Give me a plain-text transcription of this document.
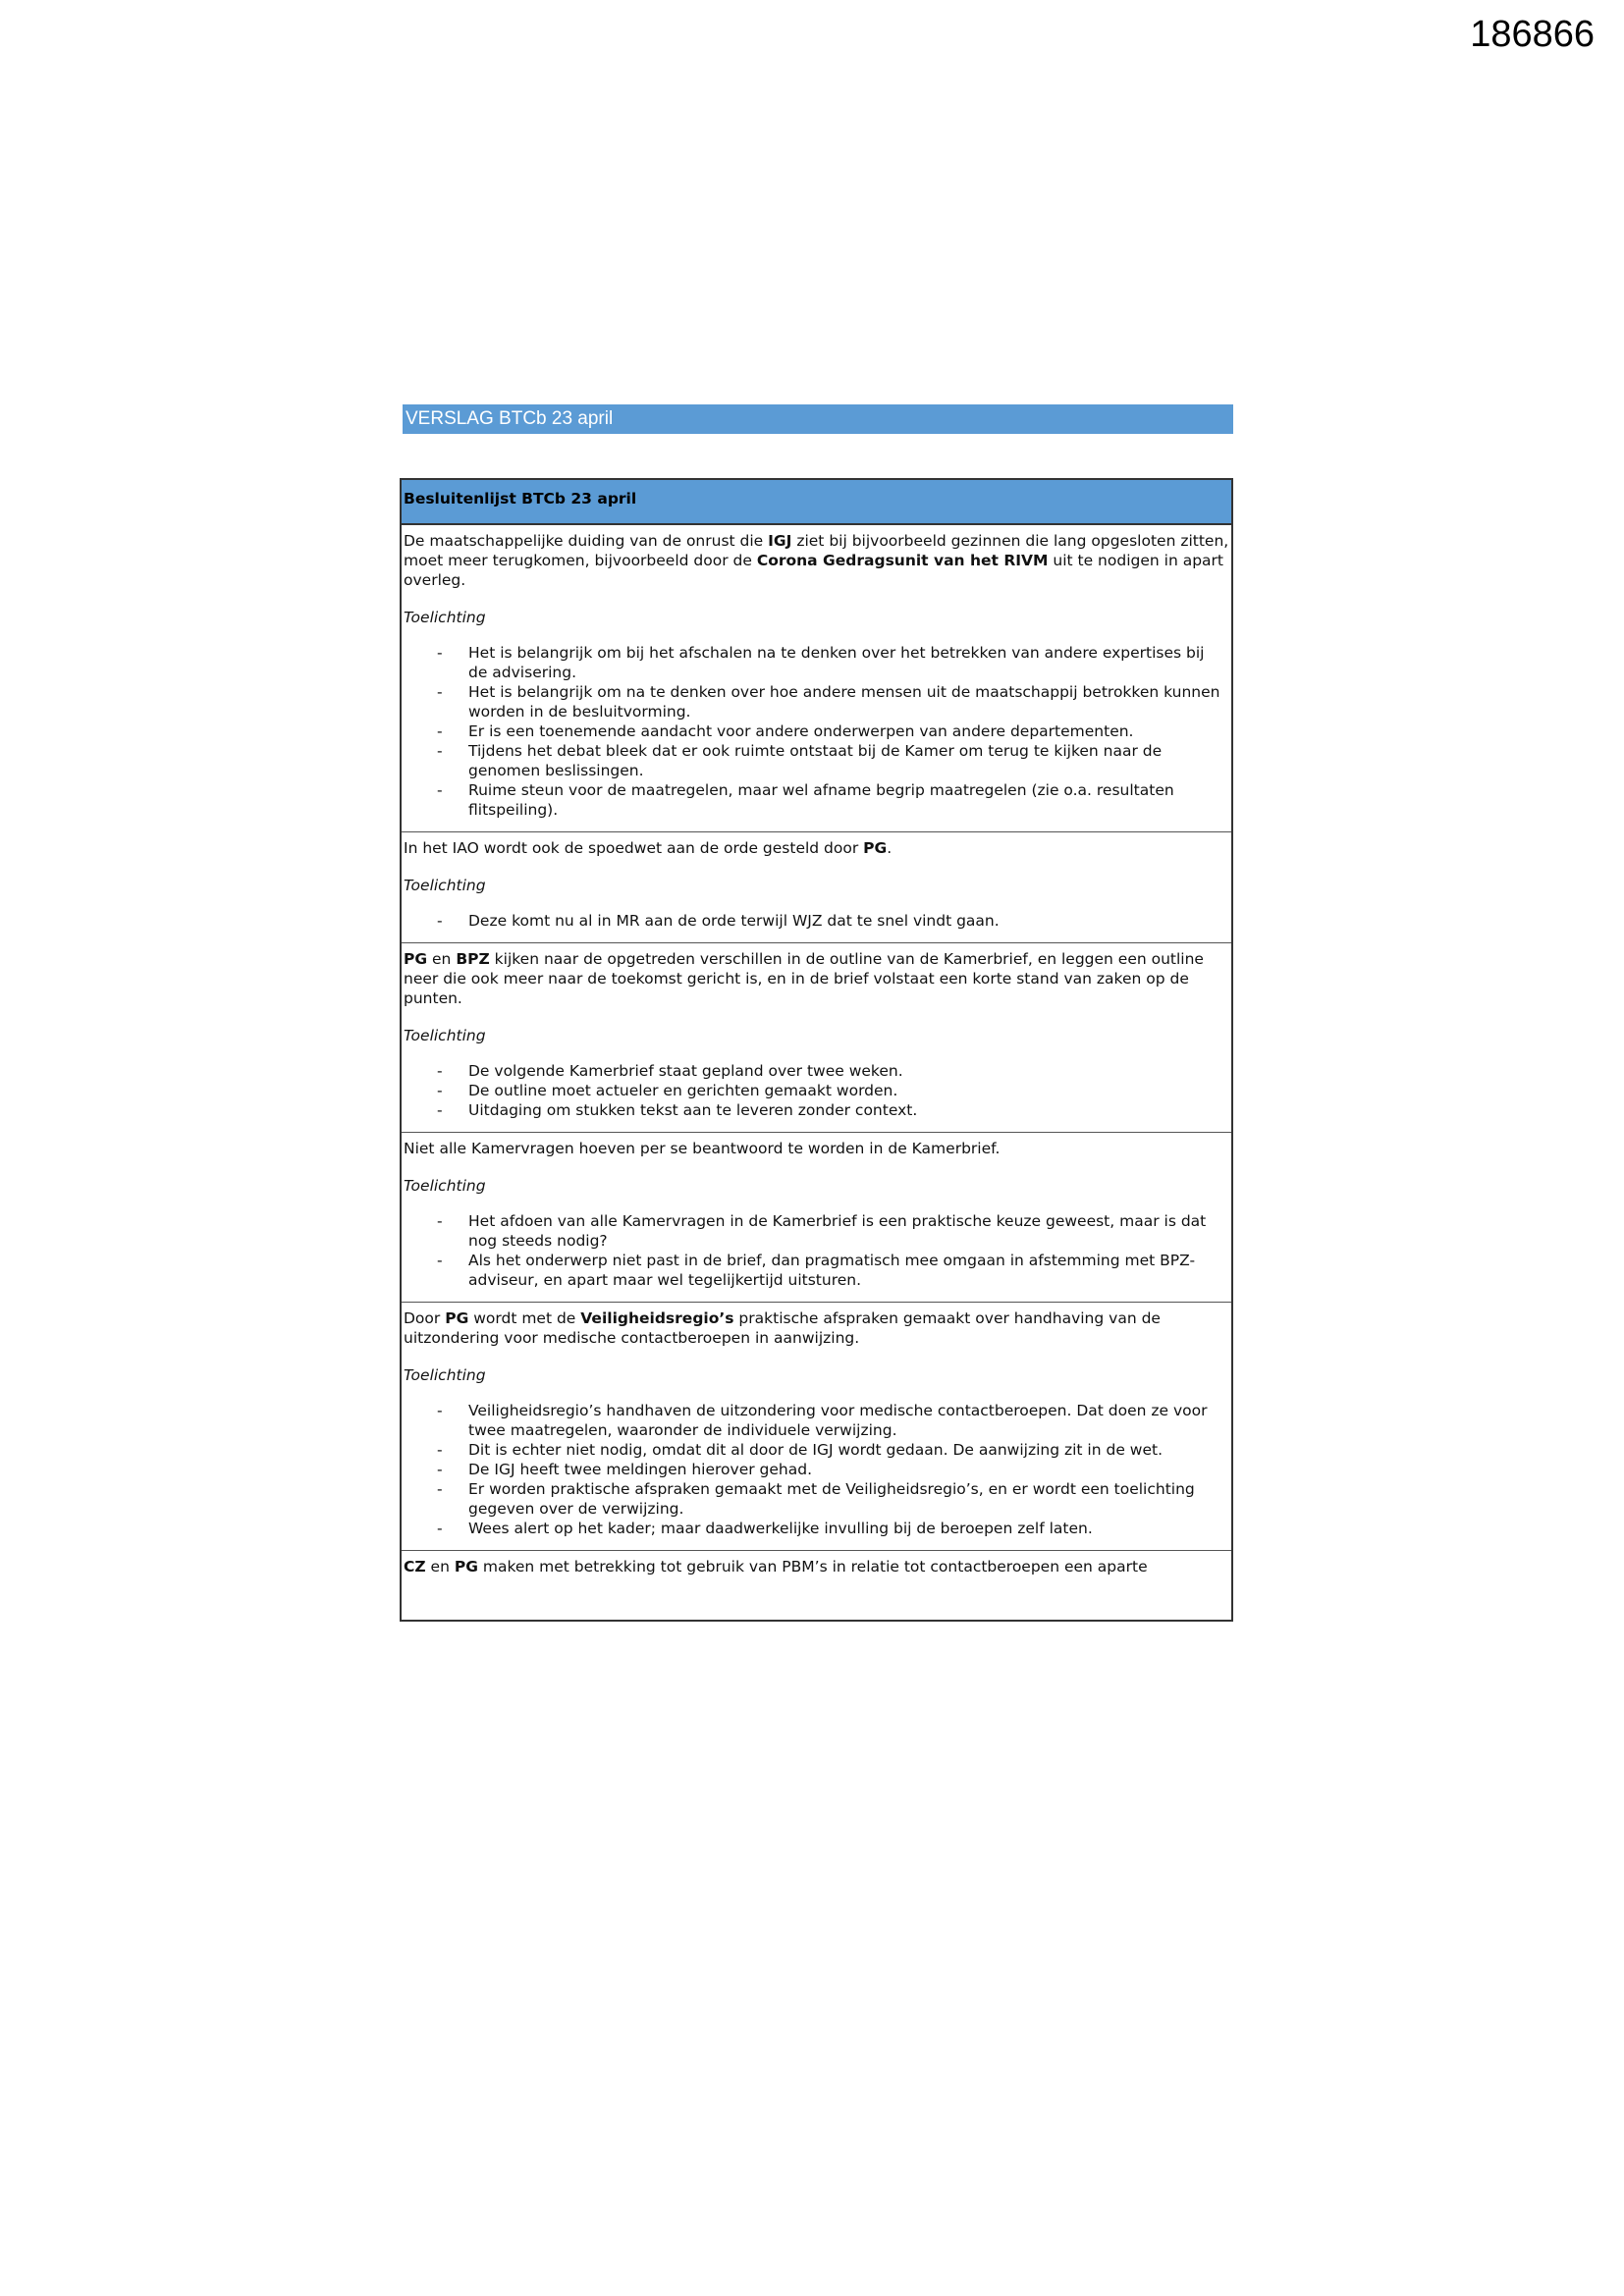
186866
VERSLAG BTCb 23 april
Besluitenlijst BTCb 23 april

De maatschappelijke duiding van de onrust die IGJ ziet bij bijvoorbeeld gezinnen die lang opgesloten zitten, moet meer terugkomen, bijvoorbeeld door de Corona Gedragsunit van het RIVM uit te nodigen in apart overleg.

Toelichting

- Het is belangrijk om bij het afschalen na te denken over het betrekken van andere expertises bij de advisering.
- Het is belangrijk om na te denken over hoe andere mensen uit de maatschappij betrokken kunnen worden in de besluitvorming.
- Er is een toenemende aandacht voor andere onderwerpen van andere departementen.
- Tijdens het debat bleek dat er ook ruimte ontstaat bij de Kamer om terug te kijken naar de genomen beslissingen.
- Ruime steun voor de maatregelen, maar wel afname begrip maatregelen (zie o.a. resultaten flitspeiling).

In het IAO wordt ook de spoedwet aan de orde gesteld door PG.

Toelichting

- Deze komt nu al in MR aan de orde terwijl WJZ dat te snel vindt gaan.

PG en BPZ kijken naar de opgetreden verschillen in de outline van de Kamerbrief, en leggen een outline neer die ook meer naar de toekomst gericht is, en in de brief volstaat een korte stand van zaken op de punten.

Toelichting

- De volgende Kamerbrief staat gepland over twee weken.
- De outline moet actueler en gerichten gemaakt worden.
- Uitdaging om stukken tekst aan te leveren zonder context.

Niet alle Kamervragen hoeven per se beantwoord te worden in de Kamerbrief.

Toelichting

- Het afdoen van alle Kamervragen in de Kamerbrief is een praktische keuze geweest, maar is dat nog steeds nodig?
- Als het onderwerp niet past in de brief, dan pragmatisch mee omgaan in afstemming met BPZ-adviseur, en apart maar wel tegelijkertijd uitsturen.

Door PG wordt met de Veiligheidsregio’s praktische afspraken gemaakt over handhaving van de uitzondering voor medische contactberoepen in aanwijzing.

Toelichting

- Veiligheidsregio’s handhaven de uitzondering voor medische contactberoepen. Dat doen ze voor twee maatregelen, waaronder de individuele verwijzing.
- Dit is echter niet nodig, omdat dit al door de IGJ wordt gedaan. De aanwijzing zit in de wet.
- De IGJ heeft twee meldingen hierover gehad.
- Er worden praktische afspraken gemaakt met de Veiligheidsregio’s, en er wordt een toelichting gegeven over de verwijzing.
- Wees alert op het kader; maar daadwerkelijke invulling bij de beroepen zelf laten.

CZ en PG maken met betrekking tot gebruik van PBM’s in relatie tot contactberoepen een aparte
